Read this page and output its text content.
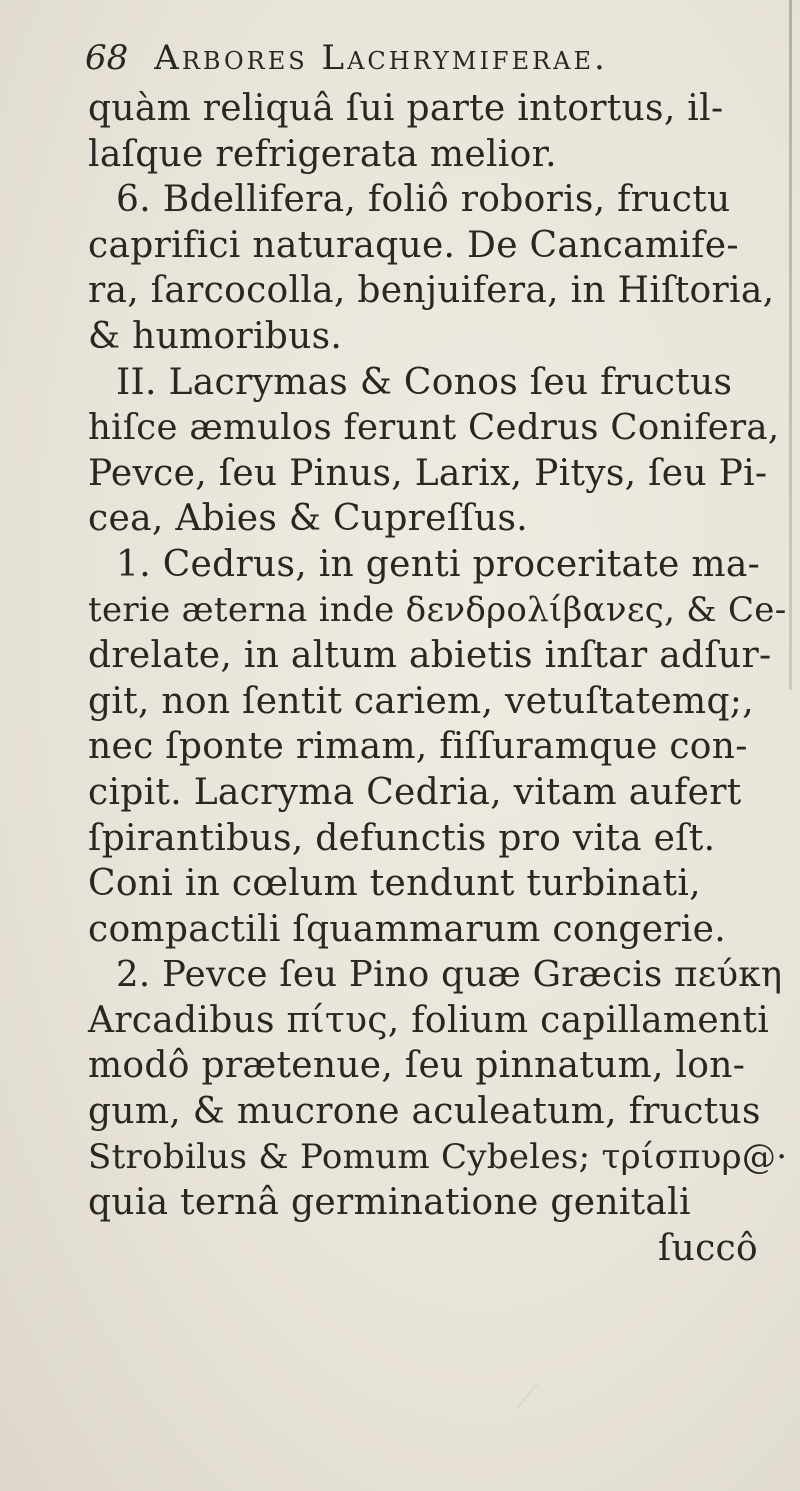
68 Arbores Lachrymiferae.
quàm reliquâ ſui parte intortus, il-
laſque refrigerata melior.
6. Bdellifera, foliô roboris, fructu
caprifici naturaque. De Cancamife-
ra, ſarcocolla, benjuifera, in Hiſtoria,
& humoribus.
II. Lacrymas & Conos ſeu fructus
hiſce æmulos ferunt Cedrus Conifera,
Pevce, ſeu Pinus, Larix, Pitys, ſeu Pi-
cea, Abies & Cupreſſus.
1. Cedrus, in genti proceritate ma-
terie æterna inde δενδρολίβανες, & Ce-
drelate, in altum abietis inſtar adſur-
git, non ſentit cariem, vetuſtatemq;,
nec ſponte rimam, fiſſuramque con-
cipit. Lacryma Cedria, vitam aufert
ſpirantibus, defunctis pro vita eſt.
Coni in cœlum tendunt turbinati,
compactili ſquammarum congerie.
2. Pevce ſeu Pino quæ Græcis πεύκη
Arcadibus πίτυς, folium capillamenti
modô prætenue, ſeu pinnatum, lon-
gum, & mucrone aculeatum, fructus
Strobilus & Pomum Cybeles; τρίσπυρ@·
quia ternâ germinatione genitali
ſuccô
